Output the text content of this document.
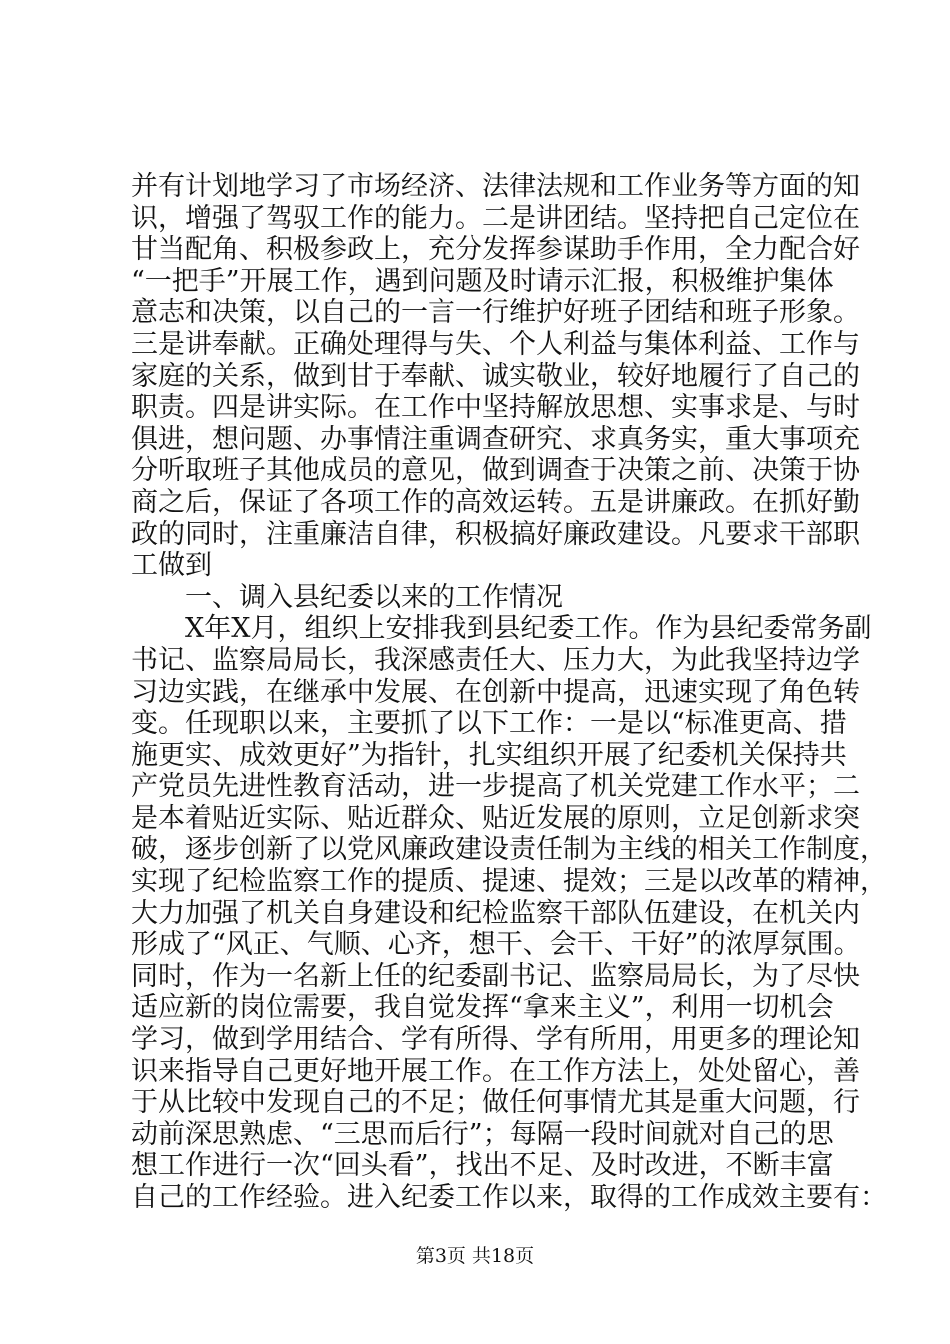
并有计划地学习了市场经济、法律法规和工作业务等方面的知
识，增强了驾驭工作的能力。二是讲团结。坚持把自己定位在
甘当配角、积极参政上，充分发挥参谋助手作用，全力配合好
“一把手”开展工作，遇到问题及时请示汇报，积极维护集体
意志和决策，以自己的一言一行维护好班子团结和班子形象。
三是讲奉献。正确处理得与失、个人利益与集体利益、工作与
家庭的关系，做到甘于奉献、诚实敬业，较好地履行了自己的
职责。四是讲实际。在工作中坚持解放思想、实事求是、与时
俱进，想问题、办事情注重调查研究、求真务实，重大事项充
分听取班子其他成员的意见，做到调查于决策之前、决策于协
商之后，保证了各项工作的高效运转。五是讲廉政。在抓好勤
政的同时，注重廉洁自律，积极搞好廉政建设。凡要求干部职
工做到
　　一、调入县纪委以来的工作情况
　　X年X月，组织上安排我到县纪委工作。作为县纪委常务副
书记、监察局局长，我深感责任大、压力大，为此我坚持边学
习边实践，在继承中发展、在创新中提高，迅速实现了角色转
变。任现职以来，主要抓了以下工作：一是以“标准更高、措
施更实、成效更好”为指针，扎实组织开展了纪委机关保持共
产党员先进性教育活动，进一步提高了机关党建工作水平；二
是本着贴近实际、贴近群众、贴近发展的原则，立足创新求突
破，逐步创新了以党风廉政建设责任制为主线的相关工作制度，
实现了纪检监察工作的提质、提速、提效；三是以改革的精神，
大力加强了机关自身建设和纪检监察干部队伍建设，在机关内
形成了“风正、气顺、心齐，想干、会干、干好”的浓厚氛围。
同时，作为一名新上任的纪委副书记、监察局局长，为了尽快
适应新的岗位需要，我自觉发挥“拿来主义”，利用一切机会
学习，做到学用结合、学有所得、学有所用，用更多的理论知
识来指导自己更好地开展工作。在工作方法上，处处留心，善
于从比较中发现自己的不足；做任何事情尤其是重大问题，行
动前深思熟虑、“三思而后行”；每隔一段时间就对自己的思
想工作进行一次“回头看”，找出不足、及时改进，不断丰富
自己的工作经验。进入纪委工作以来，取得的工作成效主要有：
第3页 共18页
